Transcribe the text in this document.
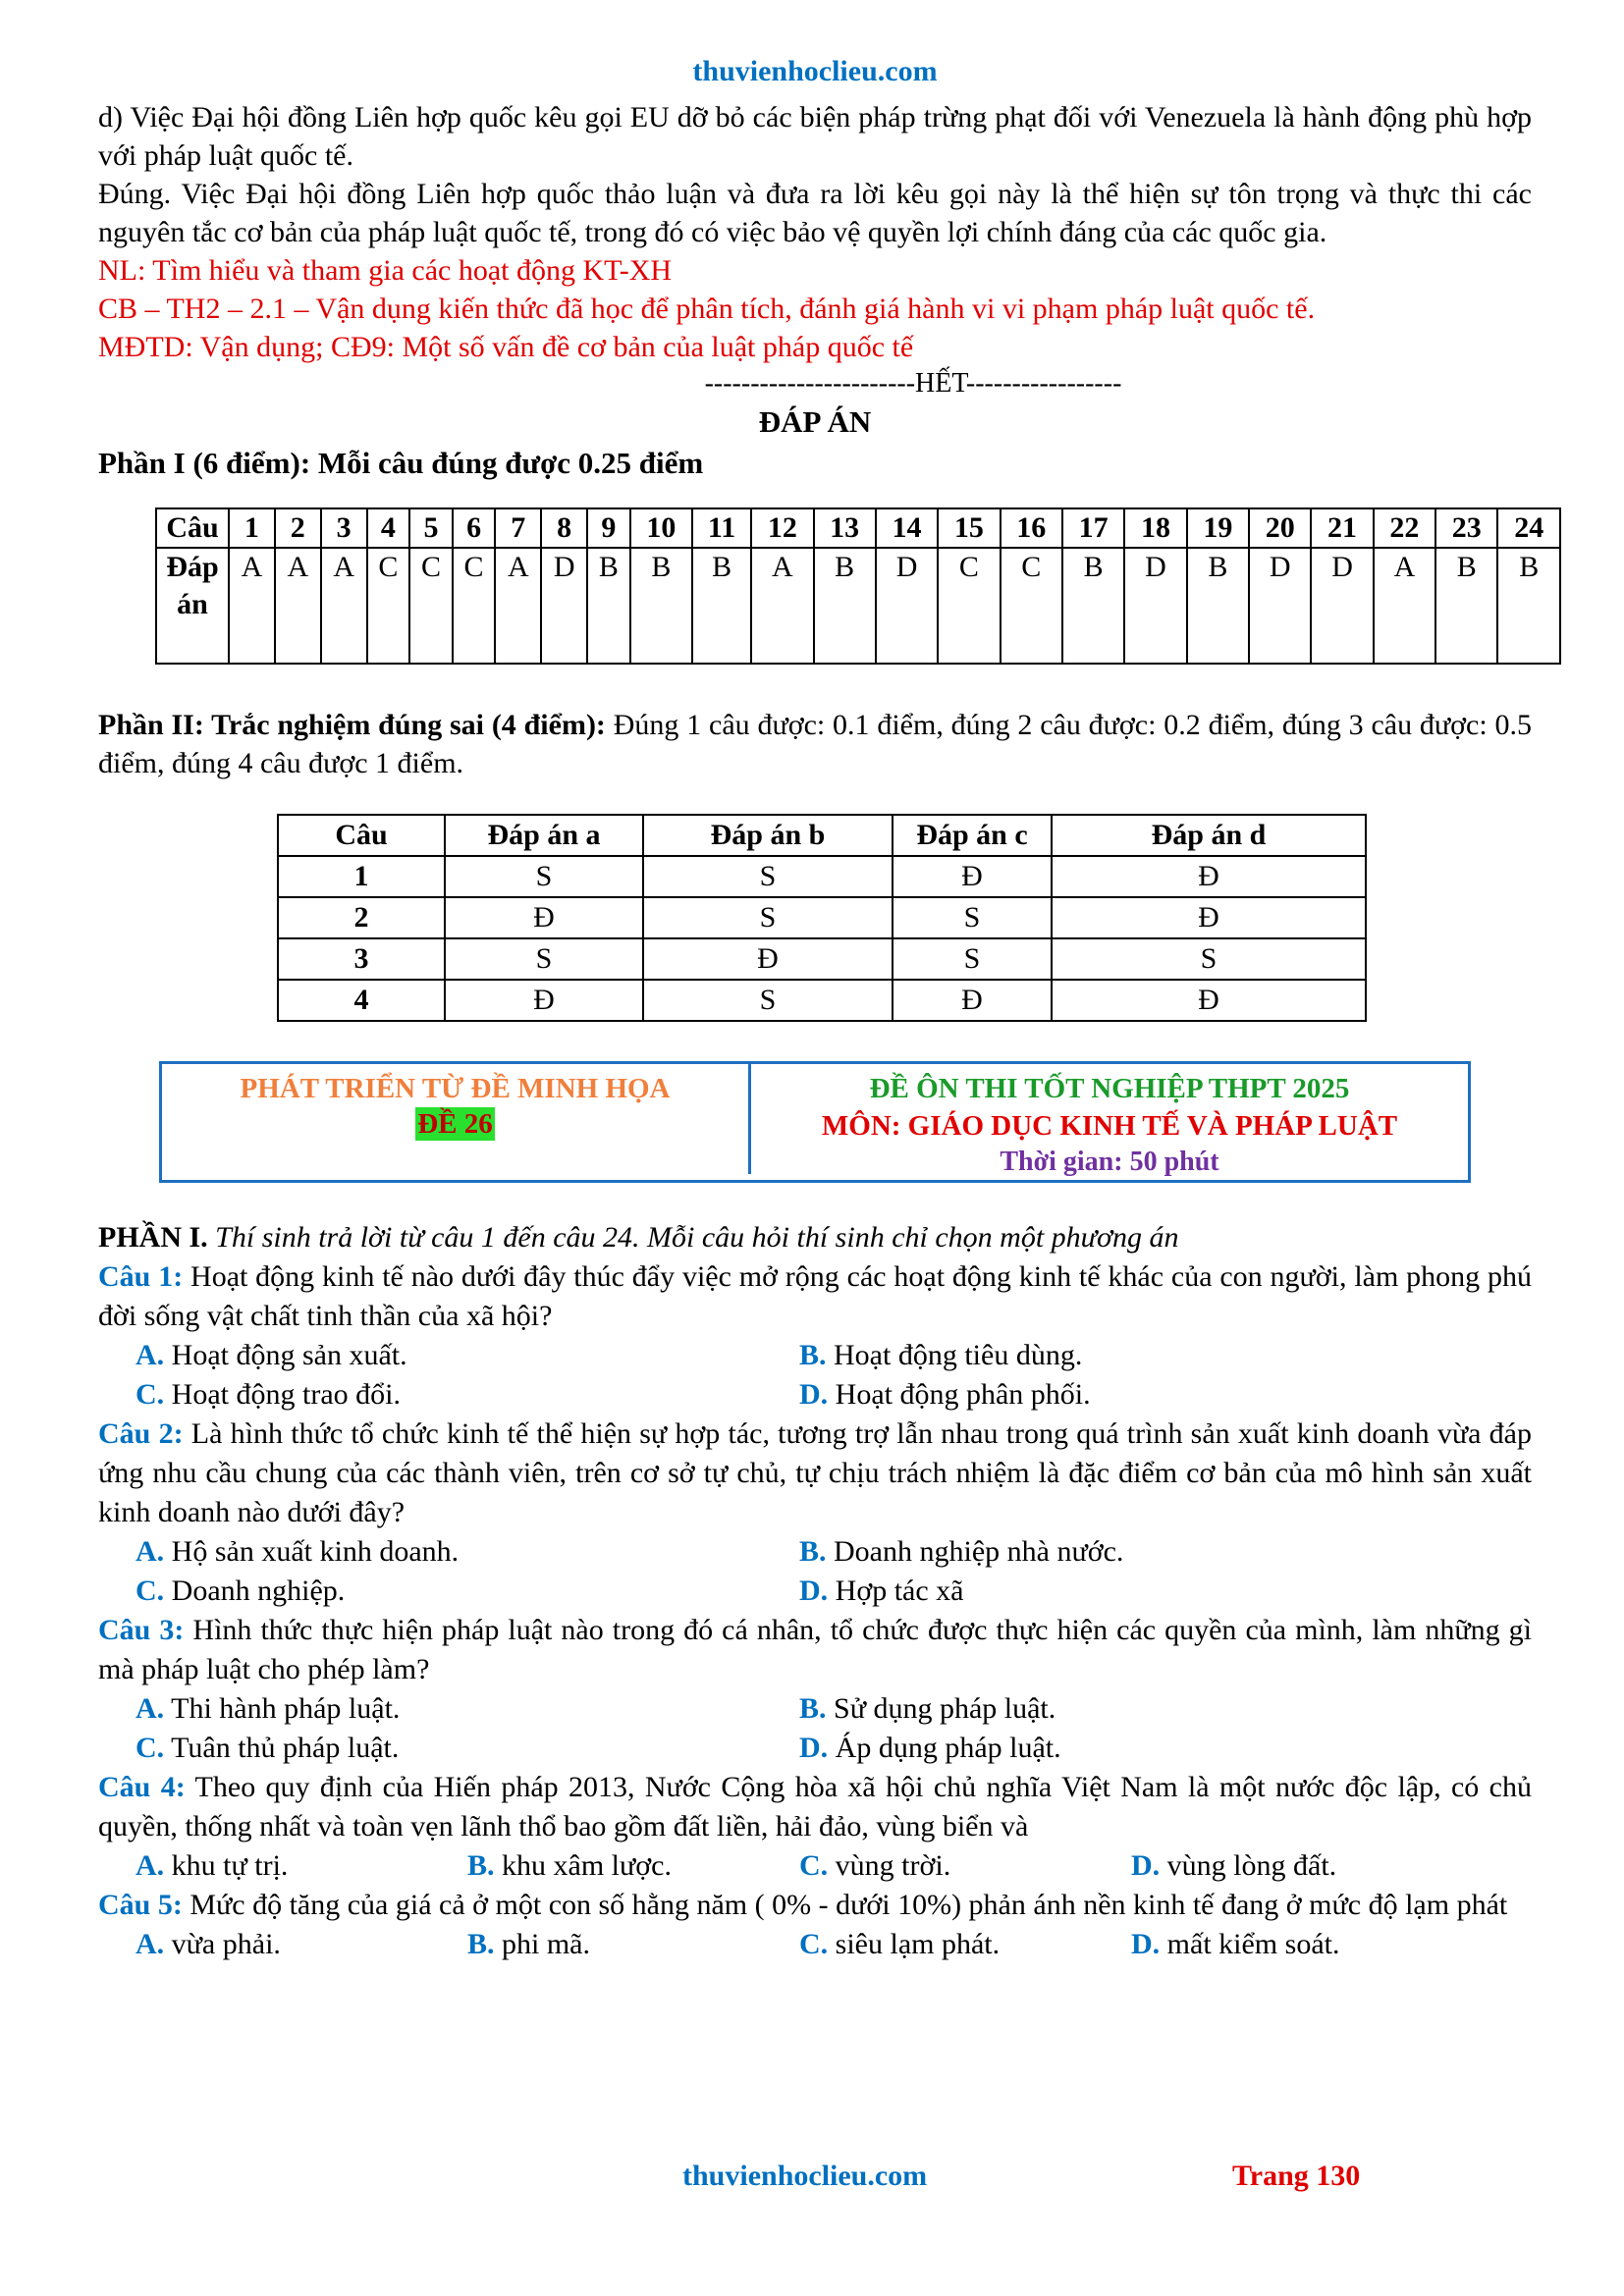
thuvienhoclieu.com

d) Việc Đại hội đồng Liên hợp quốc kêu gọi EU dỡ bỏ các biện pháp trừng phạt đối với Venezuela là hành động phù hợp với pháp luật quốc tế.

Đúng. Việc Đại hội đồng Liên hợp quốc thảo luận và đưa ra lời kêu gọi này là thể hiện sự tôn trọng và thực thi các nguyên tắc cơ bản của pháp luật quốc tế, trong đó có việc bảo vệ quyền lợi chính đáng của các quốc gia.

NL: Tìm hiểu và tham gia các hoạt động KT-XH

CB – TH2 – 2.1 – Vận dụng kiến thức đã học để phân tích, đánh giá hành vi vi phạm pháp luật quốc tế.

MĐTD: Vận dụng; CĐ9: Một số vấn đề cơ bản của luật pháp quốc tế

-----------------------HẾT-----------------
ĐÁP ÁN
Phần I (6 điểm): Mỗi câu đúng được 0.25 điểm
Câu	1	2	3	4	5	6	7	8	9	10	11	12	13	14	15	16	17	18	19	20	21	22	23	24
Đáp án	A	A	A	C	C	C	A	D	B	B	B	A	B	D	C	C	B	D	B	D	D	A	B	B

Phần II: Trắc nghiệm đúng sai (4 điểm): Đúng 1 câu được: 0.1 điểm, đúng 2 câu được: 0.2 điểm, đúng 3 câu được: 0.5 điểm, đúng 4 câu được 1 điểm.

Câu	Đáp án a	Đáp án b	Đáp án c	Đáp án d
1	S	S	Đ	Đ
2	Đ	S	S	Đ
3	S	Đ	S	S
4	Đ	S	Đ	Đ
PHÁT TRIỂN TỪ ĐỀ MINH HỌA
ĐỀ 26
ĐỀ ÔN THI TỐT NGHIỆP THPT 2025
MÔN: GIÁO DỤC KINH TẾ VÀ PHÁP LUẬT
Thời gian: 50 phút
PHẦN I. Thí sinh trả lời từ câu 1 đến câu 24. Mỗi câu hỏi thí sinh chỉ chọn một phương án
Câu 1: Hoạt động kinh tế nào dưới đây thúc đẩy việc mở rộng các hoạt động kinh tế khác của con người, làm phong phú đời sống vật chất tinh thần của xã hội?
A. Hoạt động sản xuất.	B. Hoạt động tiêu dùng.
C. Hoạt động trao đổi.	D. Hoạt động phân phối.
Câu 2: Là hình thức tổ chức kinh tế thể hiện sự hợp tác, tương trợ lẫn nhau trong quá trình sản xuất kinh doanh vừa đáp ứng nhu cầu chung của các thành viên, trên cơ sở tự chủ, tự chịu trách nhiệm là đặc điểm cơ bản của mô hình sản xuất kinh doanh nào dưới đây?
A. Hộ sản xuất kinh doanh.	B. Doanh nghiệp nhà nước.
C. Doanh nghiệp.	D. Hợp tác xã
Câu 3: Hình thức thực hiện pháp luật nào trong đó cá nhân, tổ chức được thực hiện các quyền của mình, làm những gì mà pháp luật cho phép làm?
A. Thi hành pháp luật.	B. Sử dụng pháp luật.
C. Tuân thủ pháp luật.	D. Áp dụng pháp luật.
Câu 4: Theo quy định của Hiến pháp 2013, Nước Cộng hòa xã hội chủ nghĩa Việt Nam là một nước độc lập, có chủ quyền, thống nhất và toàn vẹn lãnh thổ bao gồm đất liền, hải đảo, vùng biển và
A. khu tự trị.	B. khu xâm lược.	C. vùng trời.	D. vùng lòng đất.
Câu 5: Mức độ tăng của giá cả ở một con số hằng năm ( 0% - dưới 10%) phản ánh nền kinh tế đang ở mức độ lạm phát
A. vừa phải.	B. phi mã.	C. siêu lạm phát.	D. mất kiểm soát.
thuvienhoclieu.com	Trang 130
